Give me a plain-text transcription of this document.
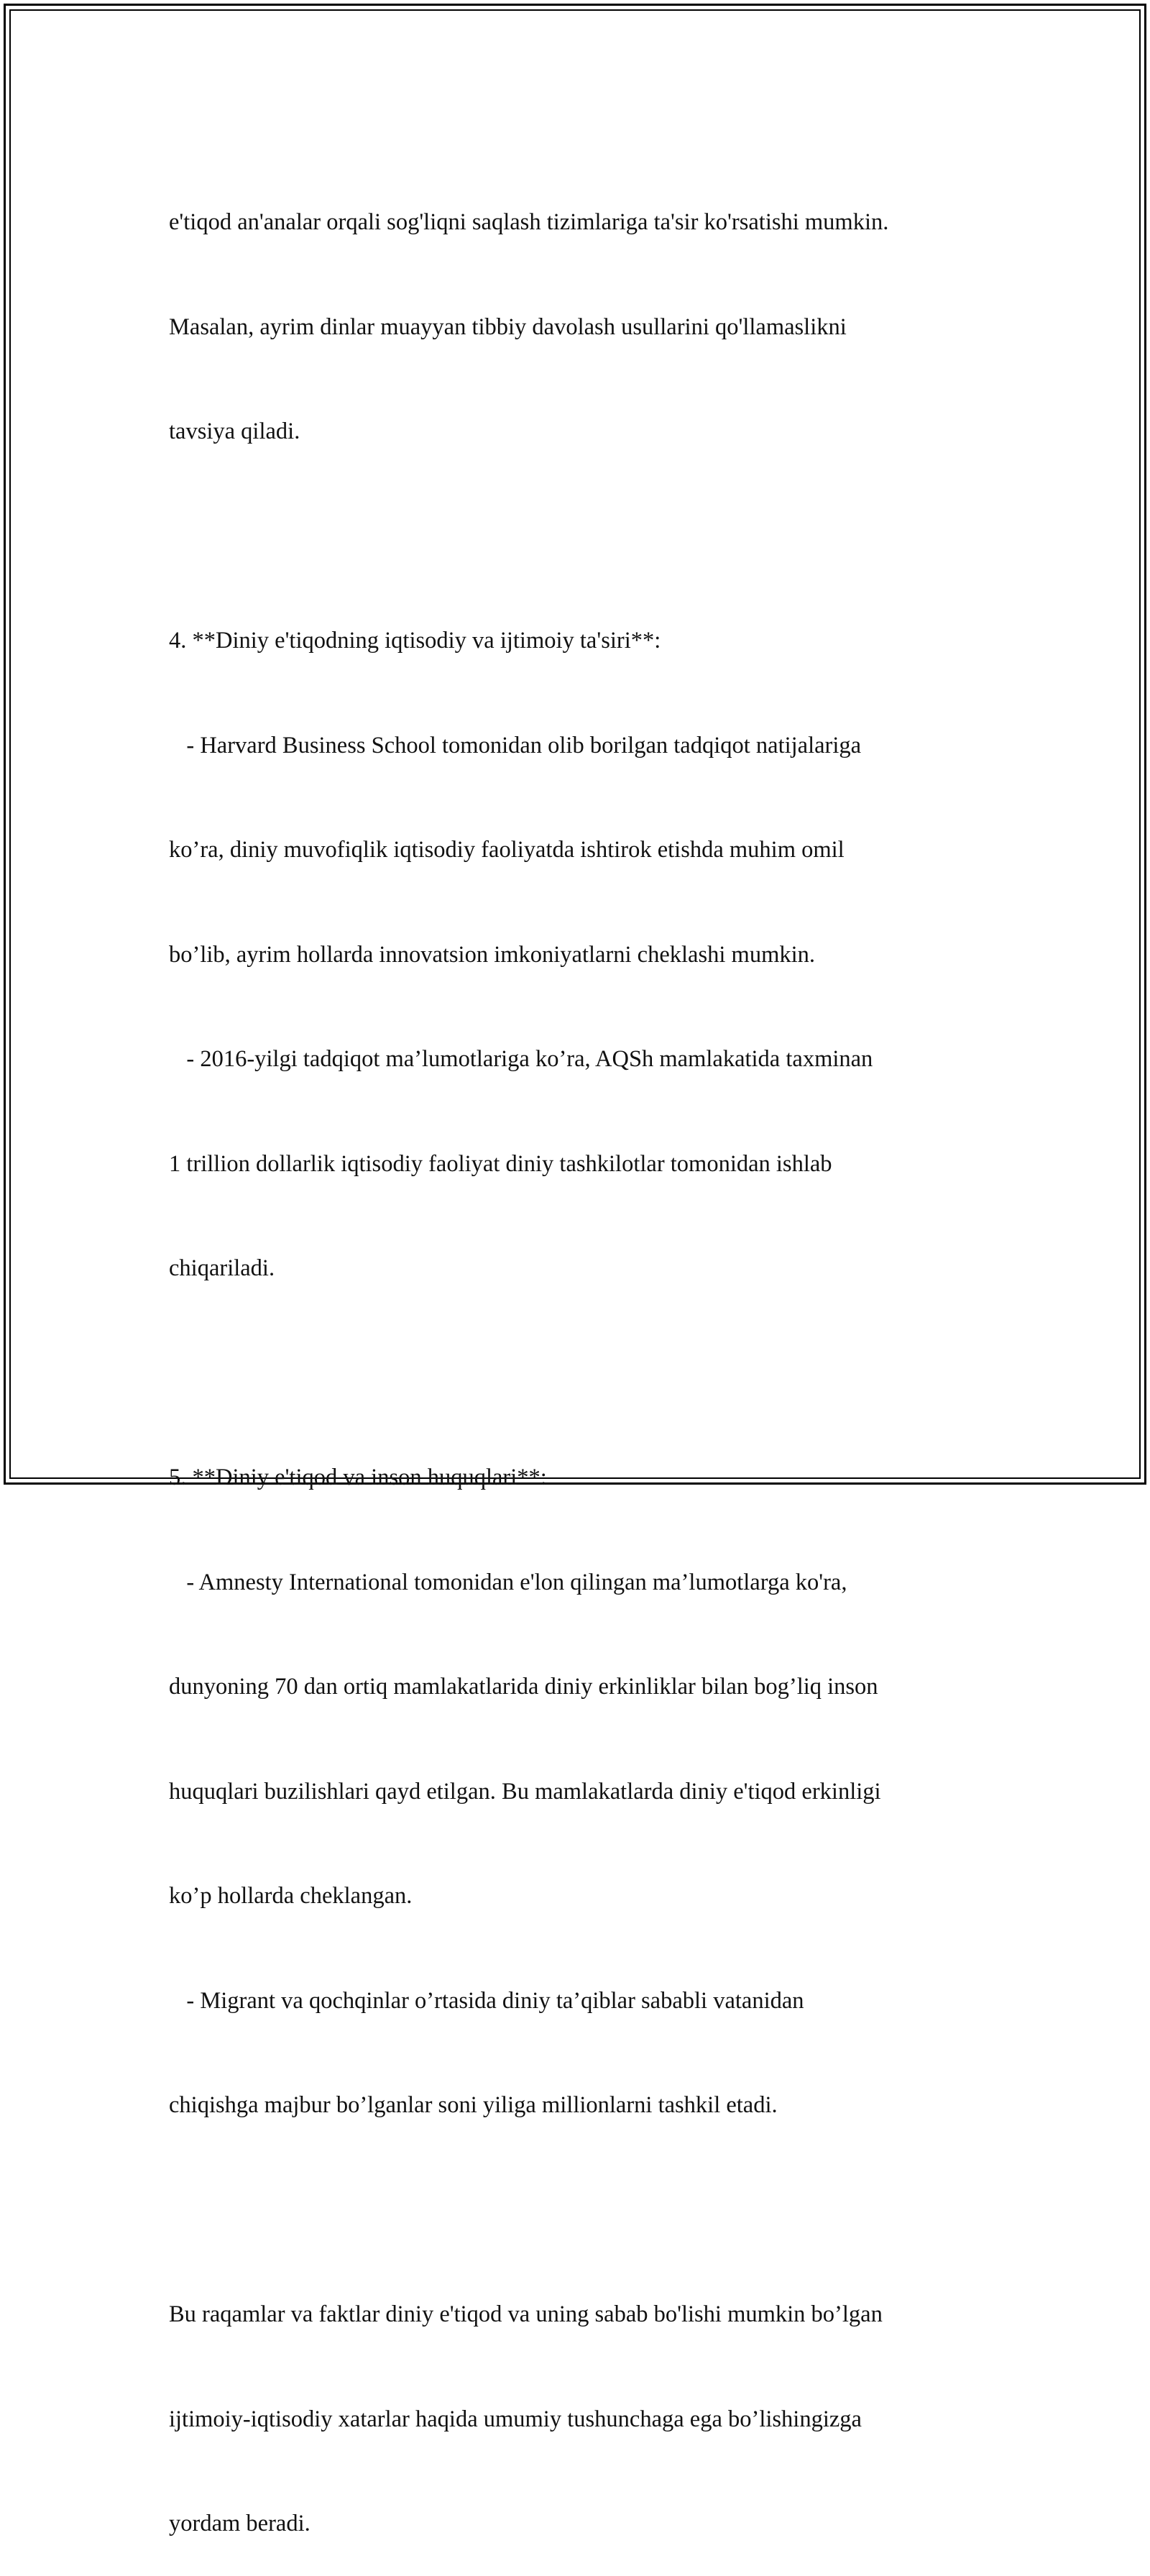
e'tiqod an'analar orqali sog'liqni saqlash tizimlariga ta'sir ko'rsatishi mumkin.

Masalan, ayrim dinlar muayyan tibbiy davolash usullarini qo'llamaslikni

tavsiya qiladi.

4. **Diniy e'tiqodning iqtisodiy va ijtimoiy ta'siri**:

- Harvard Business School tomonidan olib borilgan tadqiqot natijalariga

ko’ra, diniy muvofiqlik iqtisodiy faoliyatda ishtirok etishda muhim omil

bo’lib, ayrim hollarda innovatsion imkoniyatlarni cheklashi mumkin.

- 2016-yilgi tadqiqot ma’lumotlariga ko’ra, AQSh mamlakatida taxminan

1 trillion dollarlik iqtisodiy faoliyat diniy tashkilotlar tomonidan ishlab

chiqariladi.

5. **Diniy e'tiqod va inson huquqlari**:

- Amnesty International tomonidan e'lon qilingan ma’lumotlarga ko'ra,

dunyoning 70 dan ortiq mamlakatlarida diniy erkinliklar bilan bog’liq inson

huquqlari buzilishlari qayd etilgan. Bu mamlakatlarda diniy e'tiqod erkinligi

ko’p hollarda cheklangan.

- Migrant va qochqinlar o’rtasida diniy ta’qiblar sababli vatanidan

chiqishga majbur bo’lganlar soni yiliga millionlarni tashkil etadi.

Bu raqamlar va faktlar diniy e'tiqod va uning sabab bo'lishi mumkin bo’lgan

ijtimoiy-iqtisodiy xatarlar haqida umumiy tushunchaga ega bo’lishingizga

yordam beradi.
